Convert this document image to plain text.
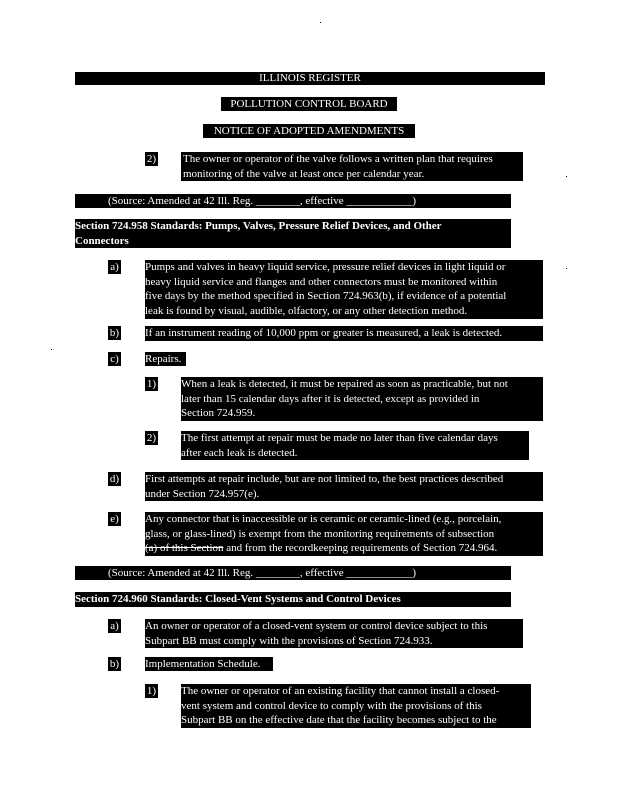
ILLINOIS REGISTER
POLLUTION CONTROL BOARD
NOTICE OF ADOPTED AMENDMENTS
2) The owner or operator of the valve follows a written plan that requires
monitoring of the valve at least once per calendar year.
(Source: Amended at 42 Ill. Reg. ________, effective ____________)
Section 724.958 Standards: Pumps, Valves, Pressure Relief Devices, and Other
Connectors
a) Pumps and valves in heavy liquid service, pressure relief devices in light liquid or
heavy liquid service and flanges and other connectors must be monitored within
five days by the method specified in Section 724.963(b), if evidence of a potential
leak is found by visual, audible, olfactory, or any other detection method.
b) If an instrument reading of 10,000 ppm or greater is measured, a leak is detected.
c) Repairs.
1) When a leak is detected, it must be repaired as soon as practicable, but not
later than 15 calendar days after it is detected, except as provided in
Section 724.959.
2) The first attempt at repair must be made no later than five calendar days
after each leak is detected.
d) First attempts at repair include, but are not limited to, the best practices described
under Section 724.957(e).
e) Any connector that is inaccessible or is ceramic or ceramic-lined (e.g., porcelain,
glass, or glass-lined) is exempt from the monitoring requirements of subsection
(a) of this Section and from the recordkeeping requirements of Section 724.964.
(Source: Amended at 42 Ill. Reg. ________, effective ____________)
Section 724.960 Standards: Closed-Vent Systems and Control Devices
a) An owner or operator of a closed-vent system or control device subject to this
Subpart BB must comply with the provisions of Section 724.933.
b) Implementation Schedule.
1) The owner or operator of an existing facility that cannot install a closed-
vent system and control device to comply with the provisions of this
Subpart BB on the effective date that the facility becomes subject to the
